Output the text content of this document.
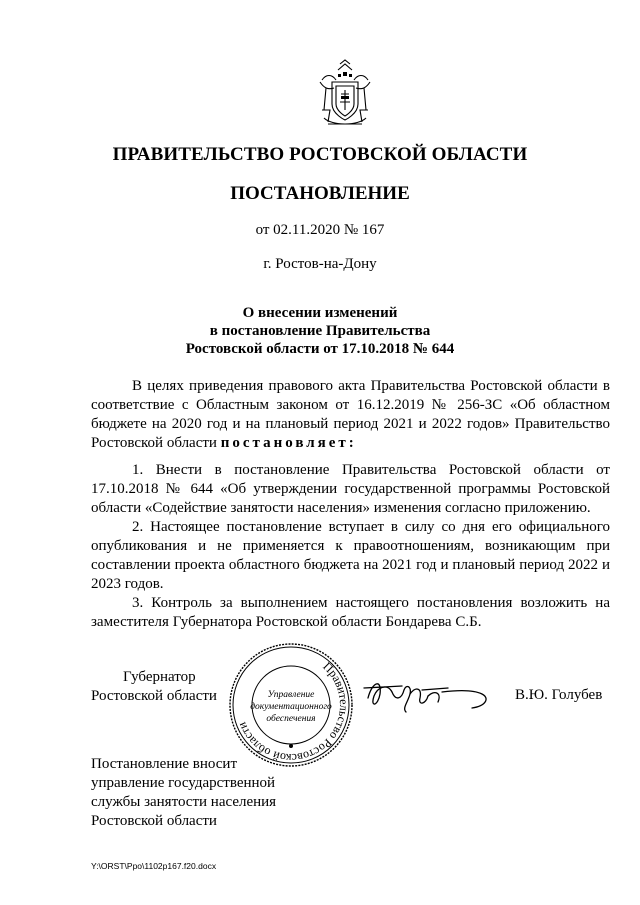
ПРАВИТЕЛЬСТВО РОСТОВСКОЙ ОБЛАСТИ
ПОСТАНОВЛЕНИЕ
от 02.11.2020 № 167
г. Ростов-на-Дону
О внесении изменений
в постановление Правительства
Ростовской области от 17.10.2018 № 644
В целях приведения правового акта Правительства Ростовской области в соответствие с Областным законом от 16.12.2019 № 256-ЗС «Об областном бюджете на 2020 год и на плановый период 2021 и 2022 годов» Правительство Ростовской области постановляет:

1. Внести в постановление Правительства Ростовской области от 17.10.2018 № 644 «Об утверждении государственной программы Ростовской области «Содействие занятости населения» изменения согласно приложению.

2. Настоящее постановление вступает в силу со дня его официального опубликования и не применяется к правоотношениям, возникающим при составлении проекта областного бюджета на 2021 год и плановый период 2022 и 2023 годов.

3. Контроль за выполнением настоящего постановления возложить на заместителя Губернатора Ростовской области Бондарева С.Б.

Губернатор
Ростовской области
Правительство Ростовской области
Управление
документационного
обеспечения
В.Ю. Голубев
Постановление вносит
управление государственной
службы занятости населения
Ростовской области
Y:\ORST\Ppo\1102p167.f20.docx
